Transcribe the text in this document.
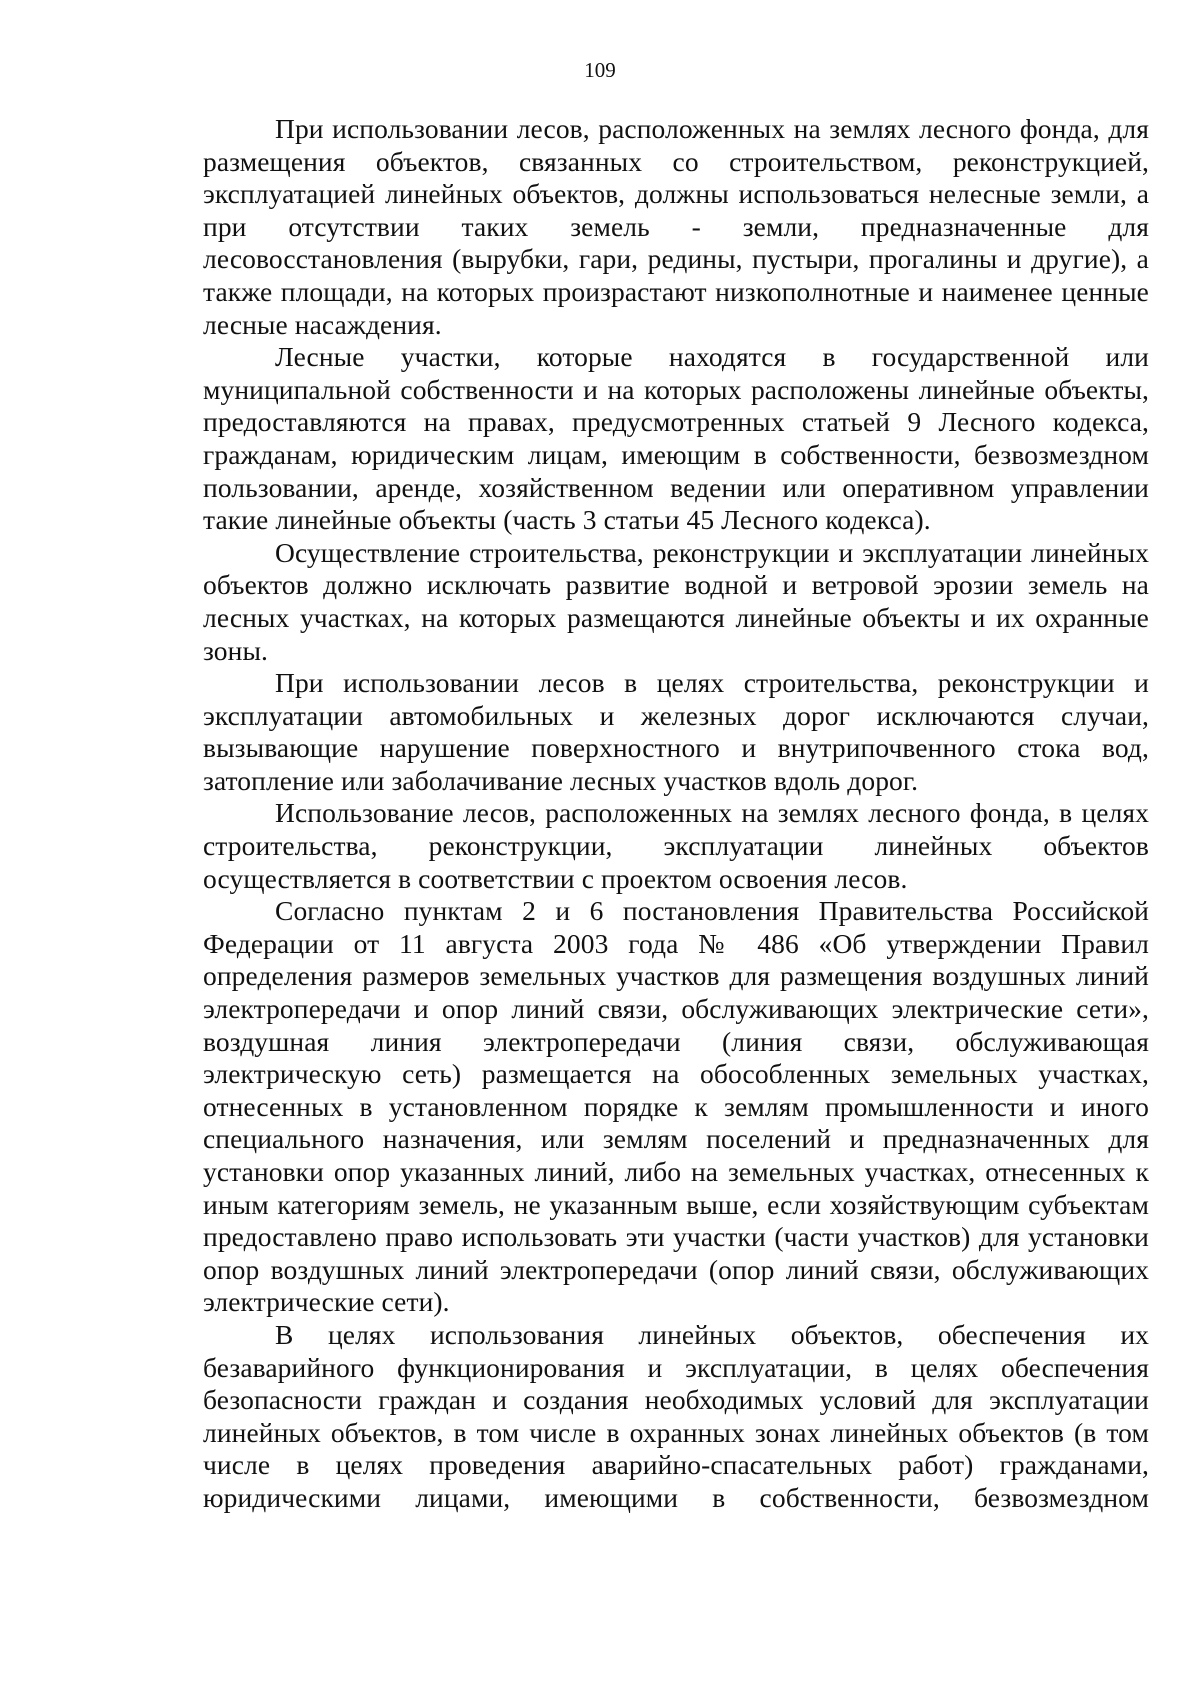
109

При использовании лесов, расположенных на землях лесного фонда, для размещения объектов, связанных со строительством, реконструкцией, эксплуатацией линейных объектов, должны использоваться нелесные земли, а при отсутствии таких земель - земли, предназначенные для лесовосстановления (вырубки, гари, редины, пустыри, прогалины и другие), а также площади, на которых произрастают низкополнотные и наименее ценные лесные насаждения.

Лесные участки, которые находятся в государственной или муниципальной собственности и на которых расположены линейные объекты, предоставляются на правах, предусмотренных статьей 9 Лесного кодекса, гражданам, юридическим лицам, имеющим в собственности, безвозмездном пользовании, аренде, хозяйственном ведении или оперативном управлении такие линейные объекты (часть 3 статьи 45 Лесного кодекса).

Осуществление строительства, реконструкции и эксплуатации линейных объектов должно исключать развитие водной и ветровой эрозии земель на лесных участках, на которых размещаются линейные объекты и их охранные зоны.

При использовании лесов в целях строительства, реконструкции и эксплуатации автомобильных и железных дорог исключаются случаи, вызывающие нарушение поверхностного и внутрипочвенного стока вод, затопление или заболачивание лесных участков вдоль дорог.

Использование лесов, расположенных на землях лесного фонда, в целях строительства, реконструкции, эксплуатации линейных объектов осуществляется в соответствии с проектом освоения лесов.

Согласно пунктам 2 и 6 постановления Правительства Российской Федерации от 11 августа 2003 года № 486 «Об утверждении Правил определения размеров земельных участков для размещения воздушных линий электропередачи и опор линий связи, обслуживающих электрические сети», воздушная линия электропередачи (линия связи, обслуживающая электрическую сеть) размещается на обособленных земельных участках, отнесенных в установленном порядке к землям промышленности и иного специального назначения, или землям поселений и предназначенных для установки опор указанных линий, либо на земельных участках, отнесенных к иным категориям земель, не указанным выше, если хозяйствующим субъектам предоставлено право использовать эти участки (части участков) для установки опор воздушных линий электропередачи (опор линий связи, обслуживающих электрические сети).

В целях использования линейных объектов, обеспечения их безаварийного функционирования и эксплуатации, в целях обеспечения безопасности граждан и создания необходимых условий для эксплуатации линейных объектов, в том числе в охранных зонах линейных объектов (в том числе в целях проведения аварийно-спасательных работ) гражданами, юридическими лицами, имеющими в собственности, безвозмездном
